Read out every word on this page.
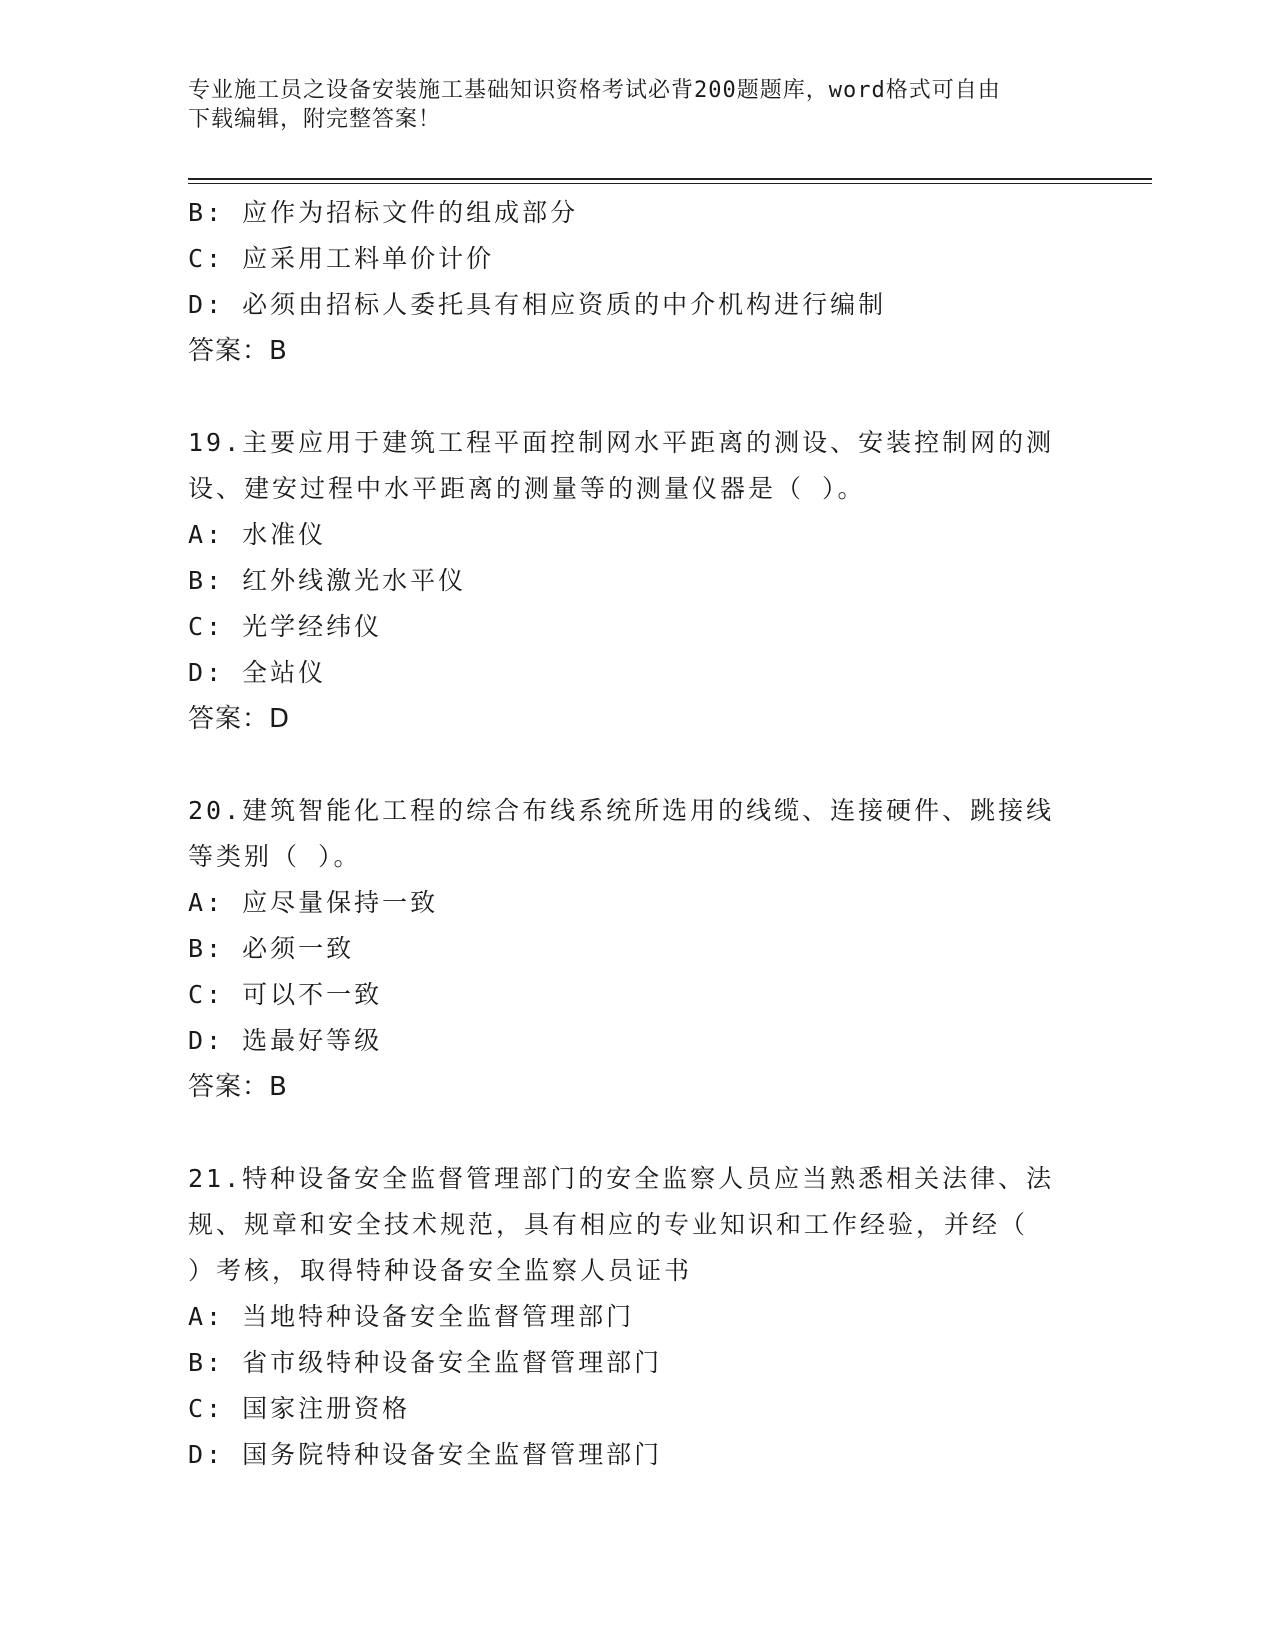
专业施工员之设备安装施工基础知识资格考试必背200题题库，word格式可自由
下载编辑，附完整答案！
B: 应作为招标文件的组成部分
C: 应采用工料单价计价
D: 必须由招标人委托具有相应资质的中介机构进行编制
答案：B
19.主要应用于建筑工程平面控制网水平距离的测设、安装控制网的测
设、建安过程中水平距离的测量等的测量仪器是（ ）。
A: 水准仪
B: 红外线激光水平仪
C: 光学经纬仪
D: 全站仪
答案：D
20.建筑智能化工程的综合布线系统所选用的线缆、连接硬件、跳接线
等类别（ ）。
A: 应尽量保持一致
B: 必须一致
C: 可以不一致
D: 选最好等级
答案：B
21.特种设备安全监督管理部门的安全监察人员应当熟悉相关法律、法
规、规章和安全技术规范，具有相应的专业知识和工作经验，并经（
）考核，取得特种设备安全监察人员证书
A: 当地特种设备安全监督管理部门
B: 省市级特种设备安全监督管理部门
C: 国家注册资格
D: 国务院特种设备安全监督管理部门
